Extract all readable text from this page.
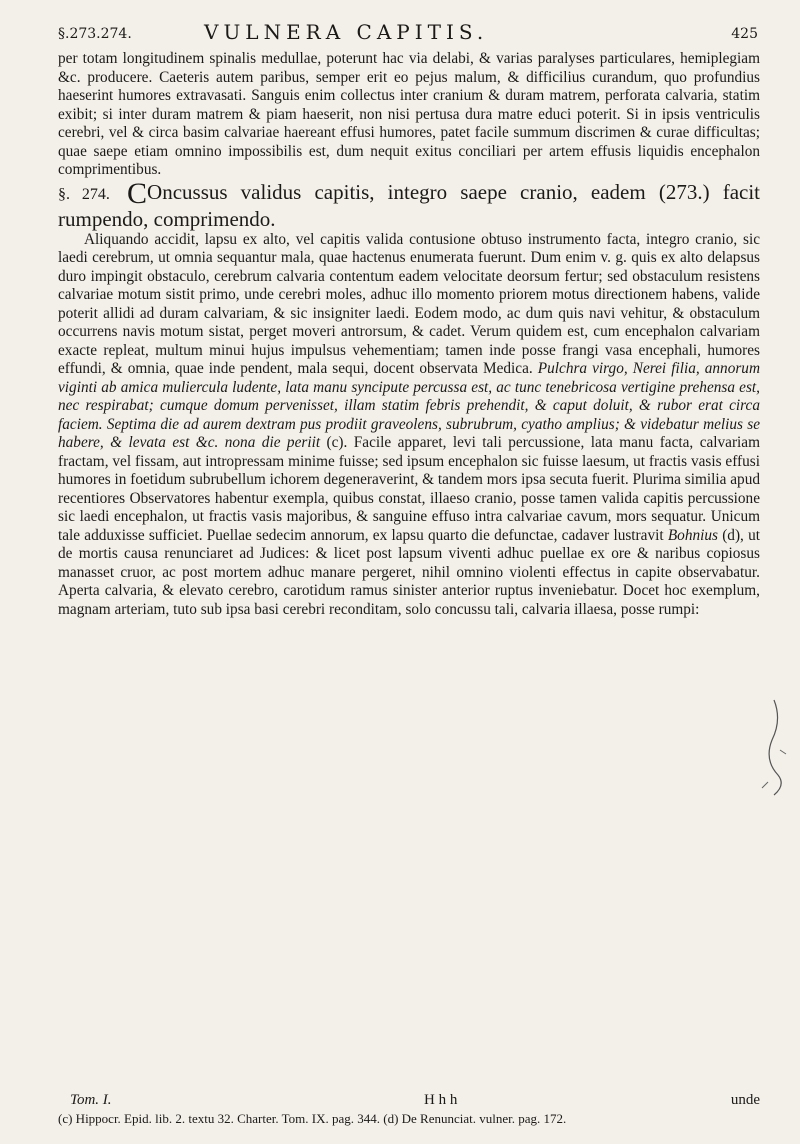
§.273.274.	VULNERA CAPITIS.	425

per totam longitudinem spinalis medullae, poterunt hac via delabi, & varias paralyses particulares, hemiplegiam &c. producere. Caeteris autem paribus, semper erit eo pejus malum, & difficilius curandum, quo profundius haeserint humores extravasati. Sanguis enim collectus inter cranium & duram matrem, perforata calvaria, statim exibit; si inter duram matrem & piam haeserit, non nisi pertusa dura matre educi poterit. Si in ipsis ventriculis cerebri, vel & circa basim calvariae haereant effusi humores, patet facile summum discrimen & curae difficultas; quae saepe etiam omnino impossibilis est, dum nequit exitus conciliari per artem effusis liquidis encephalon comprimentibus.

§. 274. COncussus validus capitis, integro saepe cranio, eadem (273.) facit rumpendo, comprimendo.

Aliquando accidit, lapsu ex alto, vel capitis valida contusione obtuso instrumento facta, integro cranio, sic laedi cerebrum, ut omnia sequantur mala, quae hactenus enumerata fuerunt. Dum enim v. g. quis ex alto delapsus duro impingit obstaculo, cerebrum calvaria contentum eadem velocitate deorsum fertur; sed obstaculum resistens calvariae motum sistit primo, unde cerebri moles, adhuc illo momento priorem motus directionem habens, valide poterit allidi ad duram calvariam, & sic insigniter laedi. Eodem modo, ac dum quis navi vehitur, & obstaculum occurrens navis motum sistat, perget moveri antrorsum, & cadet. Verum quidem est, cum encephalon calvariam exacte repleat, multum minui hujus impulsus vehementiam; tamen inde posse frangi vasa encephali, humores effundi, & omnia, quae inde pendent, mala sequi, docent observata Medica. Pulchra virgo, Nerei filia, annorum viginti ab amica muliercula ludente, lata manu syncipute percussa est, ac tunc tenebricosa vertigine prehensa est, nec respirabat; cumque domum pervenisset, illam statim febris prehendit, & caput doluit, & rubor erat circa faciem. Septima die ad aurem dextram pus prodiit graveolens, subrubrum, cyatho amplius; & videbatur melius se habere, & levata est &c. nona die periit (c). Facile apparet, levi tali percussione, lata manu facta, calvariam fractam, vel fissam, aut intropressam minime fuisse; sed ipsum encephalon sic fuisse laesum, ut fractis vasis effusi humores in foetidum subrubellum ichorem degeneraverint, & tandem mors ipsa secuta fuerit. Plurima similia apud recentiores Observatores habentur exempla, quibus constat, illaeso cranio, posse tamen valida capitis percussione sic laedi encephalon, ut fractis vasis majoribus, & sanguine effuso intra calvariae cavum, mors sequatur. Unicum tale adduxisse sufficiet. Puellae sedecim annorum, ex lapsu quarto die defunctae, cadaver lustravit Bohnius (d), ut de mortis causa renunciaret ad Judices: & licet post lapsum viventi adhuc puellae ex ore & naribus copiosus manasset cruor, ac post mortem adhuc manare pergeret, nihil omnino violenti effectus in capite observabatur. Aperta calvaria, & elevato cerebro, carotidum ramus sinister anterior ruptus inveniebatur. Docet hoc exemplum, magnam arteriam, tuto sub ipsa basi cerebri reconditam, solo concussu tali, calvaria illaesa, posse rumpi:

Tom. I.	H h h	unde
(c) Hippocr. Epid. lib. 2. textu 32. Charter. Tom. IX. pag. 344. (d) De Renunciat. vulner. pag. 172.
